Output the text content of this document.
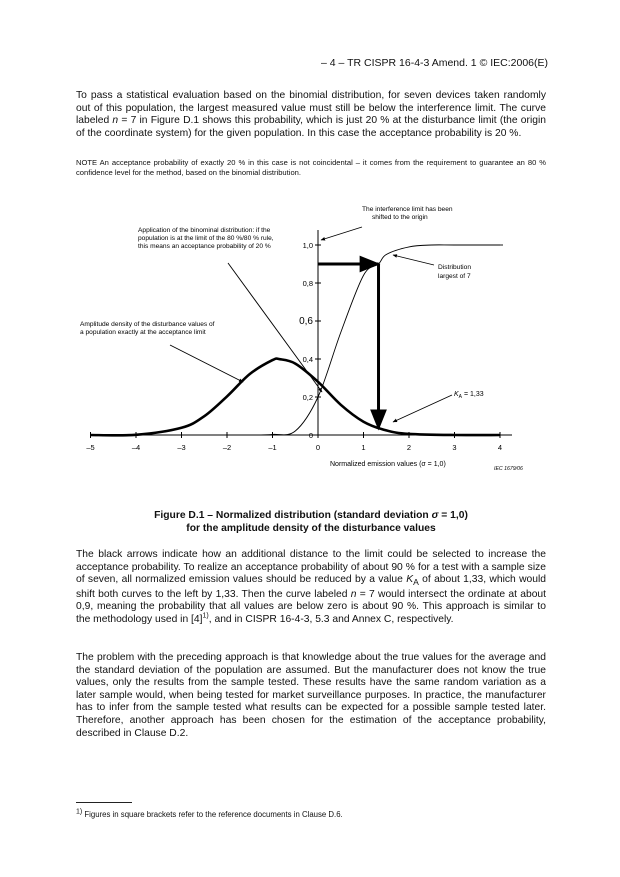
– 4 – TR CISPR 16-4-3 Amend. 1 © IEC:2006(E)

To pass a statistical evaluation based on the binomial distribution, for seven devices taken randomly out of this population, the largest measured value must still be below the interference limit. The curve labeled n = 7 in Figure D.1 shows this probability, which is just 20 % at the disturbance limit (the origin of the coordinate system) for the given population. In this case the acceptance probability is 20 %.

NOTE An acceptance probability of exactly 20 % in this case is not coincidental – it comes from the requirement to guarantee an 80 % confidence level for the method, based on the binomial distribution.

–5	–4	–3	–2	–1	0	1	2	3	4
0
0,2
0,4
0,6
0,8
1,0
Application of the binominal distribution: if the population is at the limit of the 80 %/80 % rule, this means an acceptance probability of 20 %
The interference limit has been shifted to the origin
Amplitude density of the disturbance values of a population exactly at the acceptance limit
Distribution largest of 7
$K_A = 1,33$
IEC 1679/06
Normalized emission values (σ = 1,0)

Figure D.1 – Normalized distribution (standard deviation σ = 1,0)

for the amplitude density of the disturbance values

The black arrows indicate how an additional distance to the limit could be selected to increase the acceptance probability. To realize an acceptance probability of about 90 % for a test with a sample size of seven, all normalized emission values should be reduced by a value $K_A$ of about 1,33, which would shift both curves to the left by 1,33. Then the curve labeled n = 7 would intersect the ordinate at about 0,9, meaning the probability that all values are below zero is about 90 %. This approach is similar to the methodology used in $[4]^{1)}$, and in CISPR 16-4-3, 5.3 and Annex C, respectively.

The problem with the preceding approach is that knowledge about the true values for the average and the standard deviation of the population are assumed. But the manufacturer does not know the true values, only the results from the sample tested. These results have the same random variation as a later sample would, when being tested for market surveillance purposes. In practice, the manufacturer has to infer from the sample tested what results can be expected for a possible sample tested later. Therefore, another approach has been chosen for the estimation of the acceptance probability, described in Clause D.2.

$^{1)}$ Figures in square brackets refer to the reference documents in Clause D.6.
